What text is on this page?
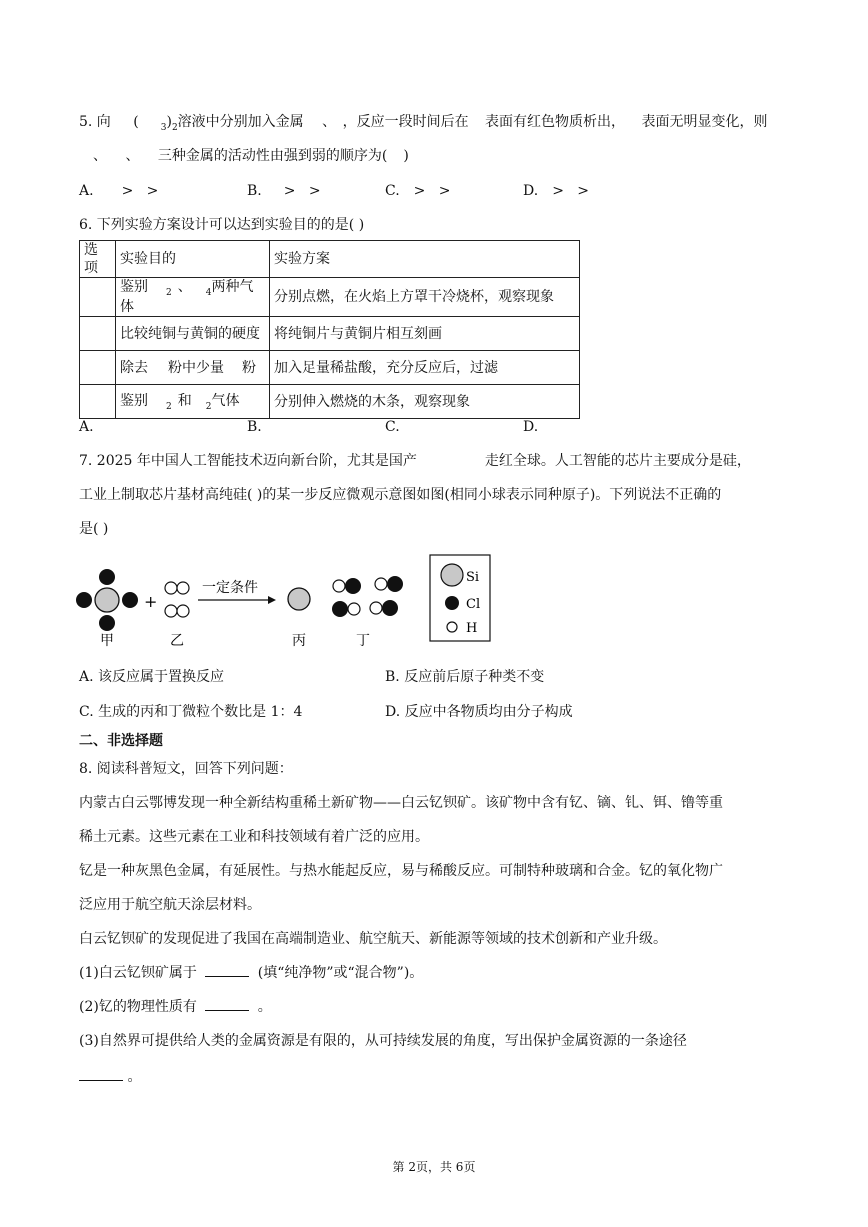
5. 向 ( $_3)_2$溶液中分别加入金属 、 ，反应一段时间后在 表面有红色物质析出， 表面无明显变化，则
、 、 三种金属的活动性由强到弱的顺序为( )
A. >   >	B. >   >	C. >   >	D. >   >
6. 下列实验方案设计可以达到实验目的的是( )
选项	实验目的	实验方案
	鉴别 $_2$ 、 $_4$两种气体	分别点燃，在火焰上方罩干冷烧杯，观察现象
	比较纯铜与黄铜的硬度	将纯铜片与黄铜片相互刻画
	除去 粉中少量 粉	加入足量稀盐酸，充分反应后，过滤
	鉴别 $_2$ 和 $_2$气体	分别伸入燃烧的木条，观察现象
A.	B.	C.	D.
7. 2025 年中国人工智能技术迈向新台阶，尤其是国产	走红全球。人工智能的芯片主要成分是硅，
工业上制取芯片基材高纯硅( )的某一步反应微观示意图如图(相同小球表示同种原子)。下列说法不正确的
是( )
+
一定条件
甲	乙	丙	丁
Si
Cl
H
A. 该反应属于置换反应	B. 反应前后原子种类不变
C. 生成的丙和丁微粒个数比是 1：4	D. 反应中各物质均由分子构成
二、非选择题
8. 阅读科普短文，回答下列问题：
内蒙古白云鄂博发现一种全新结构重稀土新矿物——白云钇钡矿。该矿物中含有钇、镝、钆、铒、镥等重
稀土元素。这些元素在工业和科技领域有着广泛的应用。
钇是一种灰黑色金属，有延展性。与热水能起反应，易与稀酸反应。可制特种玻璃和合金。钇的氧化物广
泛应用于航空航天涂层材料。
白云钇钡矿的发现促进了我国在高端制造业、航空航天、新能源等领域的技术创新和产业升级。
(1)白云钇钡矿属于	(填“纯净物”或“混合物”)。
(2)钇的物理性质有	。
(3)自然界可提供给人类的金属资源是有限的，从可持续发展的角度，写出保护金属资源的一条途径
。
第 2页，共 6页
